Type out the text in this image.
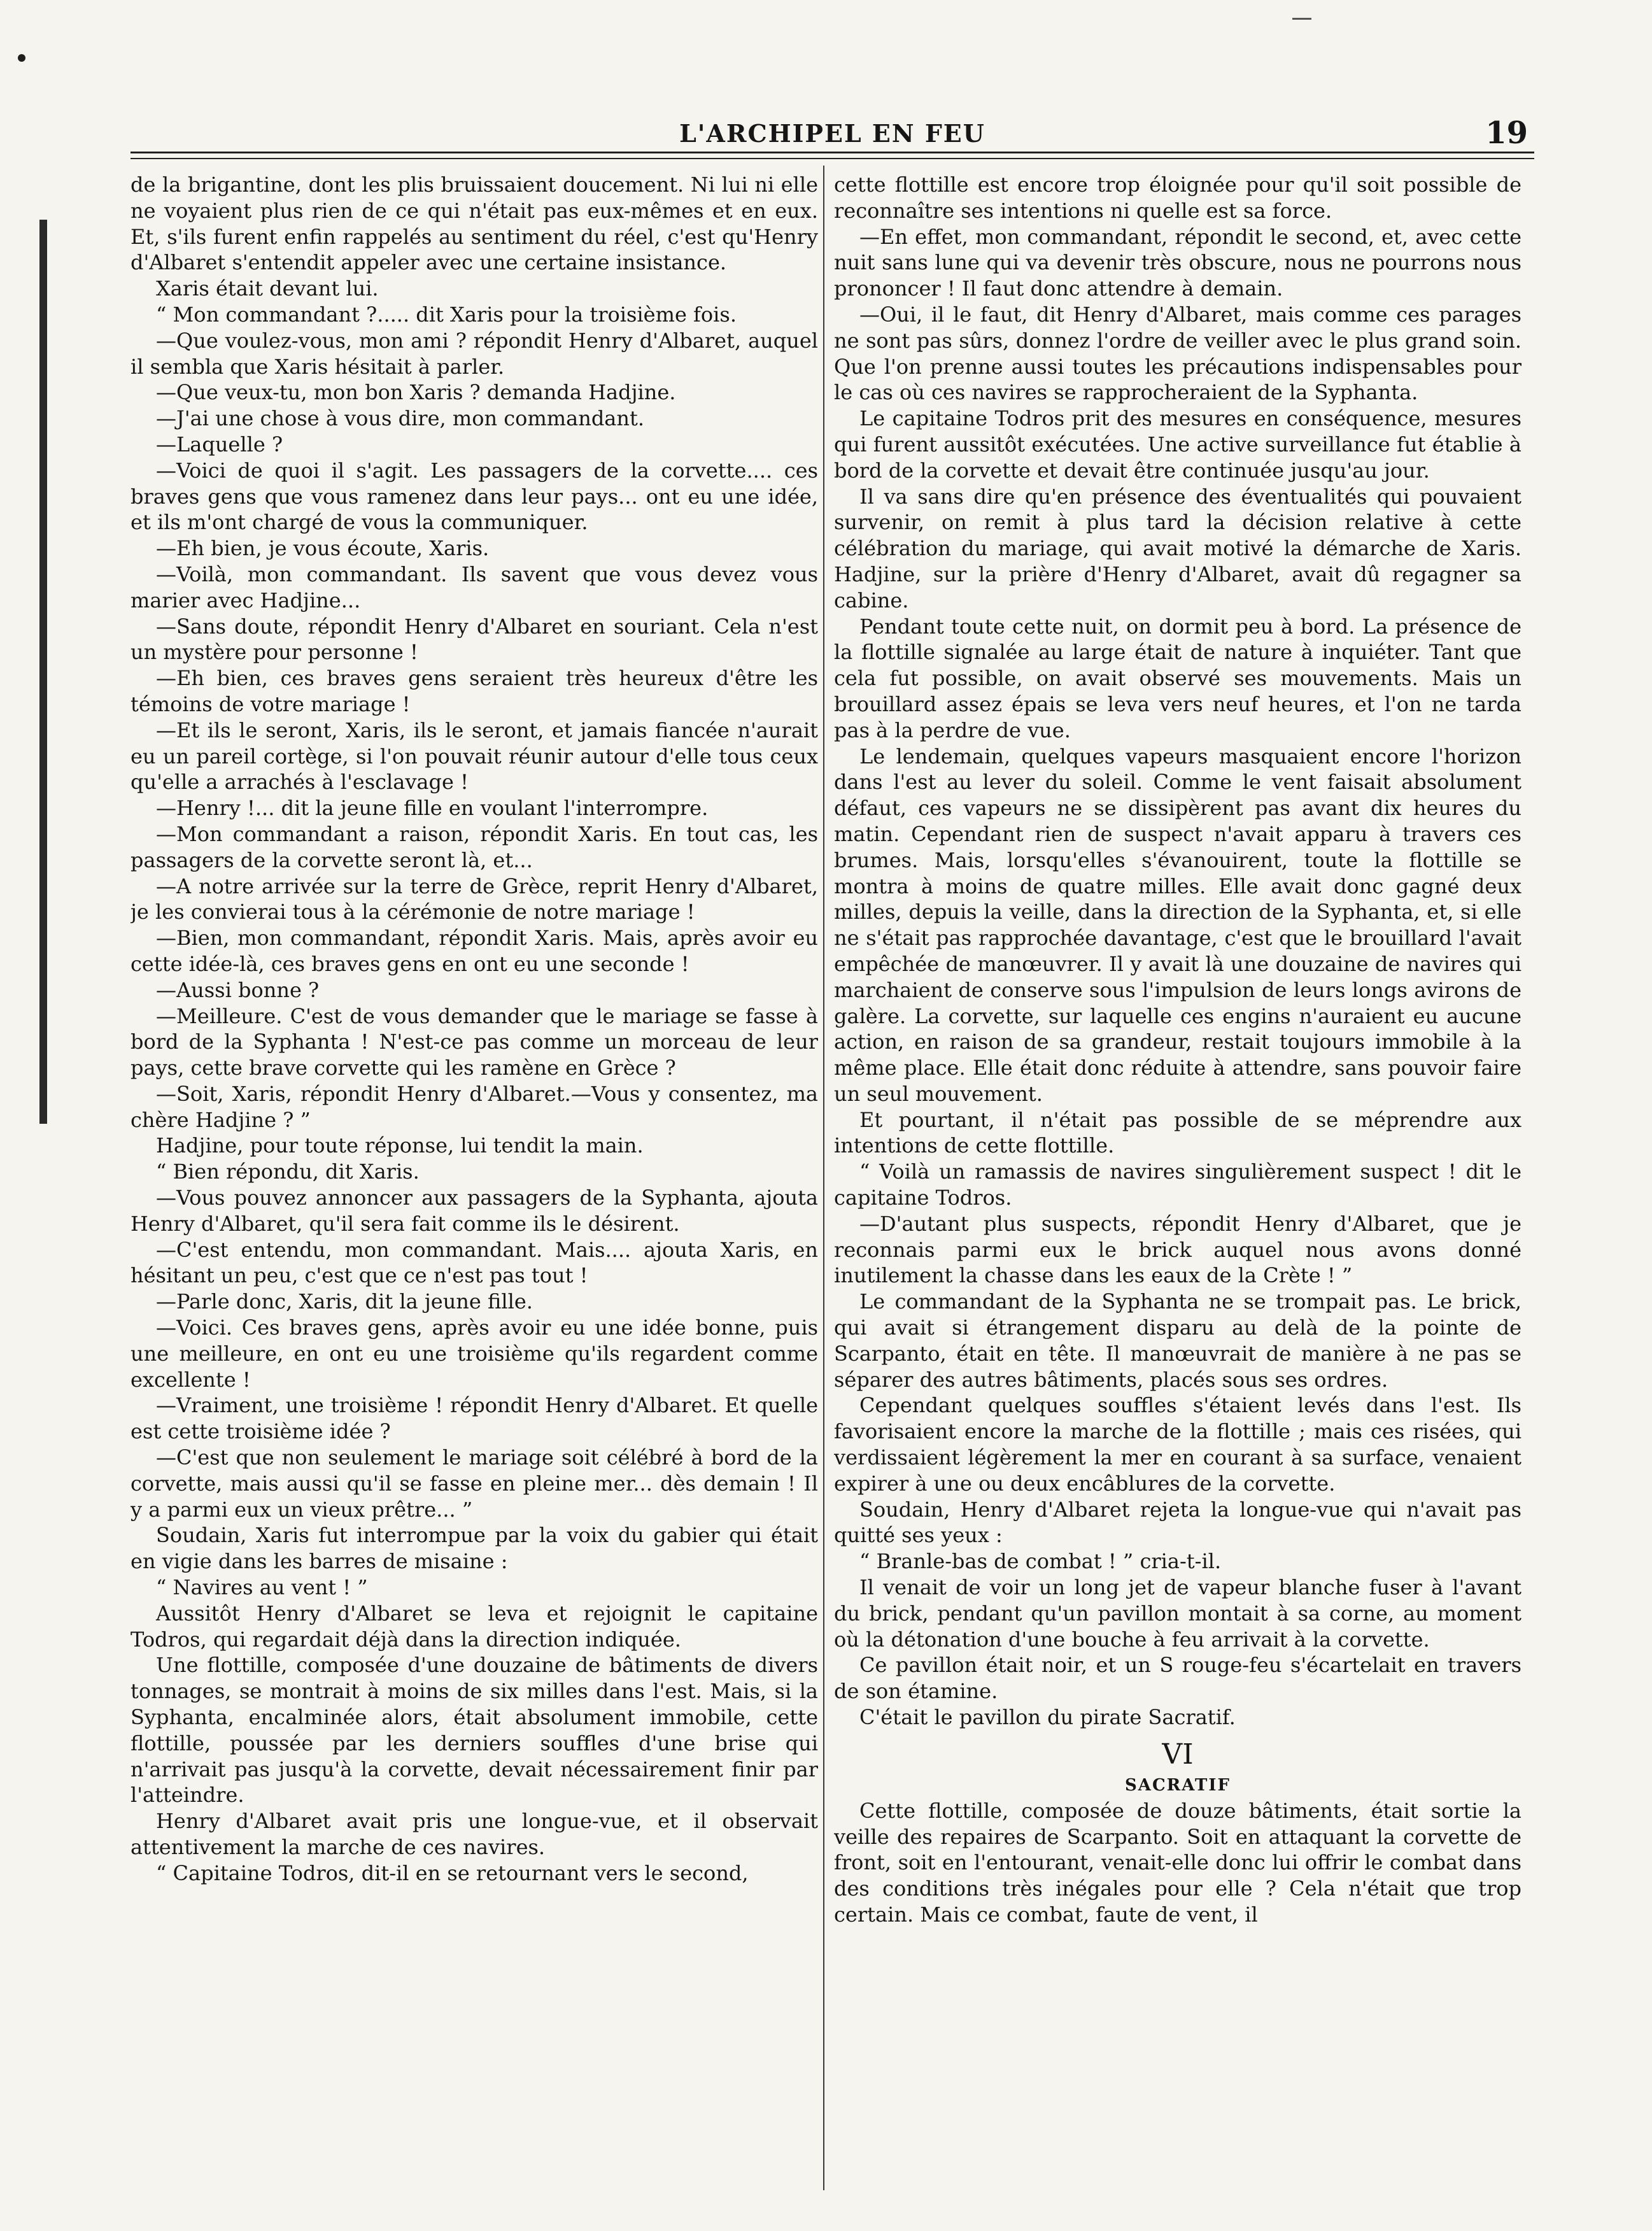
L'ARCHIPEL EN FEU	19

de la brigantine, dont les plis bruissaient doucement. Ni lui ni elle ne voyaient plus rien de ce qui n'était pas eux-mêmes et en eux. Et, s'ils furent enfin rappelés au sentiment du réel, c'est qu'Henry d'Albaret s'entendit appeler avec une certaine insistance.

Xaris était devant lui.

“ Mon commandant ?..... dit Xaris pour la troisième fois.

—Que voulez-vous, mon ami ? répondit Henry d'Albaret, auquel il sembla que Xaris hésitait à parler.

—Que veux-tu, mon bon Xaris ? demanda Hadjine.

—J'ai une chose à vous dire, mon commandant.

—Laquelle ?

—Voici de quoi il s'agit. Les passagers de la corvette.... ces braves gens que vous ramenez dans leur pays... ont eu une idée, et ils m'ont chargé de vous la communiquer.

—Eh bien, je vous écoute, Xaris.

—Voilà, mon commandant. Ils savent que vous devez vous marier avec Hadjine...

—Sans doute, répondit Henry d'Albaret en souriant. Cela n'est un mystère pour personne !

—Eh bien, ces braves gens seraient très heureux d'être les témoins de votre mariage !

—Et ils le seront, Xaris, ils le seront, et jamais fiancée n'aurait eu un pareil cortège, si l'on pouvait réunir autour d'elle tous ceux qu'elle a arrachés à l'esclavage !

—Henry !... dit la jeune fille en voulant l'interrompre.

—Mon commandant a raison, répondit Xaris. En tout cas, les passagers de la corvette seront là, et...

—A notre arrivée sur la terre de Grèce, reprit Henry d'Albaret, je les convierai tous à la cérémonie de notre mariage !

—Bien, mon commandant, répondit Xaris. Mais, après avoir eu cette idée-là, ces braves gens en ont eu une seconde !

—Aussi bonne ?

—Meilleure. C'est de vous demander que le mariage se fasse à bord de la Syphanta ! N'est-ce pas comme un morceau de leur pays, cette brave corvette qui les ramène en Grèce ?

—Soit, Xaris, répondit Henry d'Albaret.—Vous y consentez, ma chère Hadjine ? ”

Hadjine, pour toute réponse, lui tendit la main.

“ Bien répondu, dit Xaris.

—Vous pouvez annoncer aux passagers de la Syphanta, ajouta Henry d'Albaret, qu'il sera fait comme ils le désirent.

—C'est entendu, mon commandant. Mais.... ajouta Xaris, en hésitant un peu, c'est que ce n'est pas tout !

—Parle donc, Xaris, dit la jeune fille.

—Voici. Ces braves gens, après avoir eu une idée bonne, puis une meilleure, en ont eu une troisième qu'ils regardent comme excellente !

—Vraiment, une troisième ! répondit Henry d'Albaret. Et quelle est cette troisième idée ?

—C'est que non seulement le mariage soit célébré à bord de la corvette, mais aussi qu'il se fasse en pleine mer... dès demain ! Il y a parmi eux un vieux prêtre... ”

Soudain, Xaris fut interrompue par la voix du gabier qui était en vigie dans les barres de misaine :

“ Navires au vent ! ”

Aussitôt Henry d'Albaret se leva et rejoignit le capitaine Todros, qui regardait déjà dans la direction indiquée.

Une flottille, composée d'une douzaine de bâtiments de divers tonnages, se montrait à moins de six milles dans l'est. Mais, si la Syphanta, encalminée alors, était absolument immobile, cette flottille, poussée par les derniers souffles d'une brise qui n'arrivait pas jusqu'à la corvette, devait nécessairement finir par l'atteindre.

Henry d'Albaret avait pris une longue-vue, et il observait attentivement la marche de ces navires.

“ Capitaine Todros, dit-il en se retournant vers le second,

cette flottille est encore trop éloignée pour qu'il soit possible de reconnaître ses intentions ni quelle est sa force.

—En effet, mon commandant, répondit le second, et, avec cette nuit sans lune qui va devenir très obscure, nous ne pourrons nous prononcer ! Il faut donc attendre à demain.

—Oui, il le faut, dit Henry d'Albaret, mais comme ces parages ne sont pas sûrs, donnez l'ordre de veiller avec le plus grand soin. Que l'on prenne aussi toutes les précautions indispensables pour le cas où ces navires se rapprocheraient de la Syphanta.

Le capitaine Todros prit des mesures en conséquence, mesures qui furent aussitôt exécutées. Une active surveillance fut établie à bord de la corvette et devait être continuée jusqu'au jour.

Il va sans dire qu'en présence des éventualités qui pouvaient survenir, on remit à plus tard la décision relative à cette célébration du mariage, qui avait motivé la démarche de Xaris. Hadjine, sur la prière d'Henry d'Albaret, avait dû regagner sa cabine.

Pendant toute cette nuit, on dormit peu à bord. La présence de la flottille signalée au large était de nature à inquiéter. Tant que cela fut possible, on avait observé ses mouvements. Mais un brouillard assez épais se leva vers neuf heures, et l'on ne tarda pas à la perdre de vue.

Le lendemain, quelques vapeurs masquaient encore l'horizon dans l'est au lever du soleil. Comme le vent faisait absolument défaut, ces vapeurs ne se dissipèrent pas avant dix heures du matin. Cependant rien de suspect n'avait apparu à travers ces brumes. Mais, lorsqu'elles s'évanouirent, toute la flottille se montra à moins de quatre milles. Elle avait donc gagné deux milles, depuis la veille, dans la direction de la Syphanta, et, si elle ne s'était pas rapprochée davantage, c'est que le brouillard l'avait empêchée de manœuvrer. Il y avait là une douzaine de navires qui marchaient de conserve sous l'impulsion de leurs longs avirons de galère. La corvette, sur laquelle ces engins n'auraient eu aucune action, en raison de sa grandeur, restait toujours immobile à la même place. Elle était donc réduite à attendre, sans pouvoir faire un seul mouvement.

Et pourtant, il n'était pas possible de se méprendre aux intentions de cette flottille.

“ Voilà un ramassis de navires singulièrement suspect ! dit le capitaine Todros.

—D'autant plus suspects, répondit Henry d'Albaret, que je reconnais parmi eux le brick auquel nous avons donné inutilement la chasse dans les eaux de la Crète ! ”

Le commandant de la Syphanta ne se trompait pas. Le brick, qui avait si étrangement disparu au delà de la pointe de Scarpanto, était en tête. Il manœuvrait de manière à ne pas se séparer des autres bâtiments, placés sous ses ordres.

Cependant quelques souffles s'étaient levés dans l'est. Ils favorisaient encore la marche de la flottille ; mais ces risées, qui verdissaient légèrement la mer en courant à sa surface, venaient expirer à une ou deux encâblures de la corvette.

Soudain, Henry d'Albaret rejeta la longue-vue qui n'avait pas quitté ses yeux :

“ Branle-bas de combat ! ” cria-t-il.

Il venait de voir un long jet de vapeur blanche fuser à l'avant du brick, pendant qu'un pavillon montait à sa corne, au moment où la détonation d'une bouche à feu arrivait à la corvette.

Ce pavillon était noir, et un S rouge-feu s'écartelait en travers de son étamine.

C'était le pavillon du pirate Sacratif.

VI
SACRATIF

Cette flottille, composée de douze bâtiments, était sortie la veille des repaires de Scarpanto. Soit en attaquant la corvette de front, soit en l'entourant, venait-elle donc lui offrir le combat dans des conditions très inégales pour elle ? Cela n'était que trop certain. Mais ce combat, faute de vent, il
